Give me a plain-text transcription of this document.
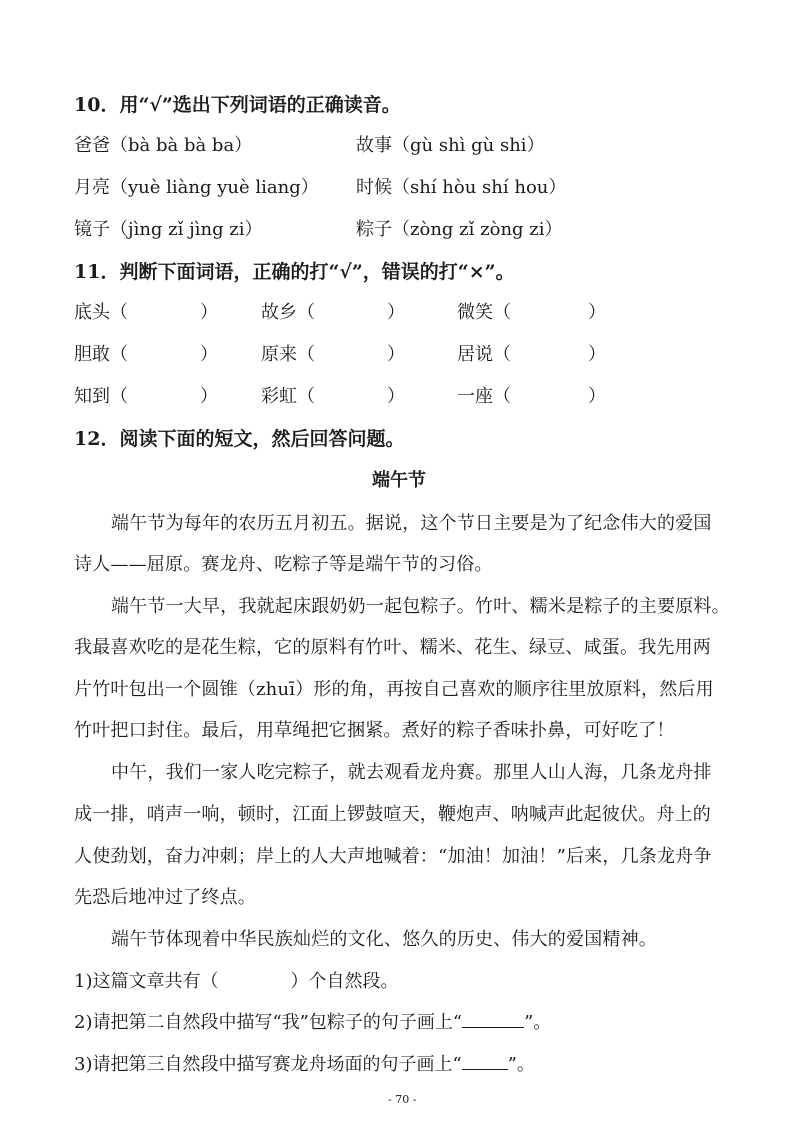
10．用“√”选出下列词语的正确读音。
爸爸（bà bà bà ba）	故事（gù shì gù shi）
月亮（yuè liàng yuè liang） 时候（shí hòu shí hou）
镜子（jìng zǐ jìng zi）	粽子（zòng zǐ zòng zi）
11．判断下面词语，正确的打“√”，错误的打“×”。
底头（	） 故乡（	）	微笑（	）
胆敢（	） 原来（	）	居说（	）
知到（	） 彩虹（	）	一座（	）
12．阅读下面的短文，然后回答问题。
端午节
端午节为每年的农历五月初五。据说，这个节日主要是为了纪念伟大的爱国
诗人——屈原。赛龙舟、吃粽子等是端午节的习俗。
端午节一大早，我就起床跟奶奶一起包粽子。竹叶、糯米是粽子的主要原料。
我最喜欢吃的是花生粽，它的原料有竹叶、糯米、花生、绿豆、咸蛋。我先用两
片竹叶包出一个圆锥（zhuī）形的角，再按自己喜欢的顺序往里放原料，然后用
竹叶把口封住。最后，用草绳把它捆紧。煮好的粽子香味扑鼻，可好吃了！
中午，我们一家人吃完粽子，就去观看龙舟赛。那里人山人海，几条龙舟排
成一排，哨声一响，顿时，江面上锣鼓喧天，鞭炮声、呐喊声此起彼伏。舟上的
人使劲划，奋力冲刺；岸上的人大声地喊着：“加油！加油！”后来，几条龙舟争
先恐后地冲过了终点。
端午节体现着中华民族灿烂的文化、悠久的历史、伟大的爱国精神。
1)这篇文章共有（	）个自然段。
2)请把第二自然段中描写“我”包粽子的句子画上“	”。
3)请把第三自然段中描写赛龙舟场面的句子画上“	”。
- 70 -
